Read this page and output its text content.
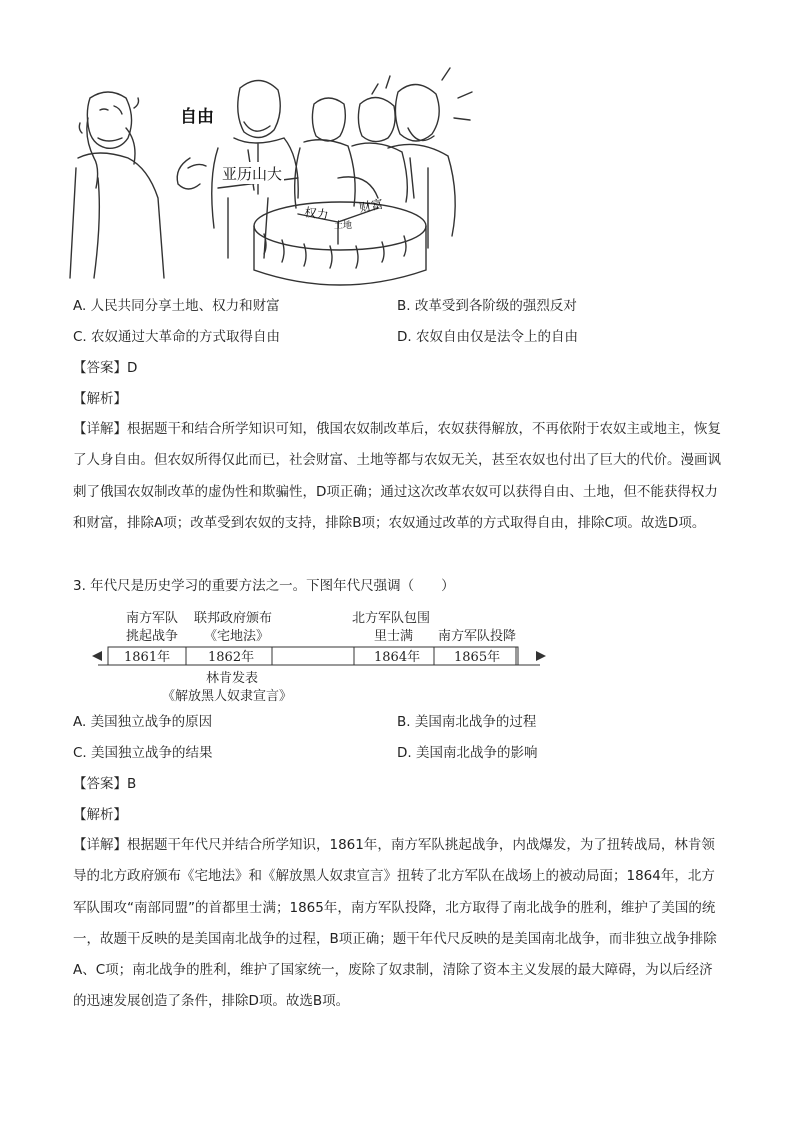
自由
亚历山大
权力
土地
财富
A. 人民共同分享土地、权力和财富	B. 改革受到各阶级的强烈反对
C. 农奴通过大革命的方式取得自由	D. 农奴自由仅是法令上的自由
【答案】D
【解析】
【详解】根据题干和结合所学知识可知，俄国农奴制改革后，农奴获得解放，不再依附于农奴主或地主，恢复了人身自由。但农奴所得仅此而已，社会财富、土地等都与农奴无关，甚至农奴也付出了巨大的代价。漫画讽刺了俄国农奴制改革的虚伪性和欺骗性，D项正确；通过这次改革农奴可以获得自由、土地，但不能获得权力和财富，排除A项；改革受到农奴的支持，排除B项；农奴通过改革的方式取得自由，排除C项。故选D项。
3. 年代尺是历史学习的重要方法之一。下图年代尺强调（　　）
南方军队
挑起战争
联邦政府颁布
《宅地法》
北方军队包围
里士满 南方军队投降
1861年	1862年	1864年	1865年
林肯发表
《解放黑人奴隶宣言》
A. 美国独立战争的原因	B. 美国南北战争的过程
C. 美国独立战争的结果	D. 美国南北战争的影响
【答案】B
【解析】
【详解】根据题干年代尺并结合所学知识，1861年，南方军队挑起战争，内战爆发，为了扭转战局，林肯领导的北方政府颁布《宅地法》和《解放黑人奴隶宣言》扭转了北方军队在战场上的被动局面；1864年，北方军队围攻“南部同盟”的首都里士满；1865年，南方军队投降，北方取得了南北战争的胜利，维护了美国的统一，故题干反映的是美国南北战争的过程，B项正确；题干年代尺反映的是美国南北战争，而非独立战争排除A、C项；南北战争的胜利，维护了国家统一，废除了奴隶制，清除了资本主义发展的最大障碍，为以后经济的迅速发展创造了条件，排除D项。故选B项。
